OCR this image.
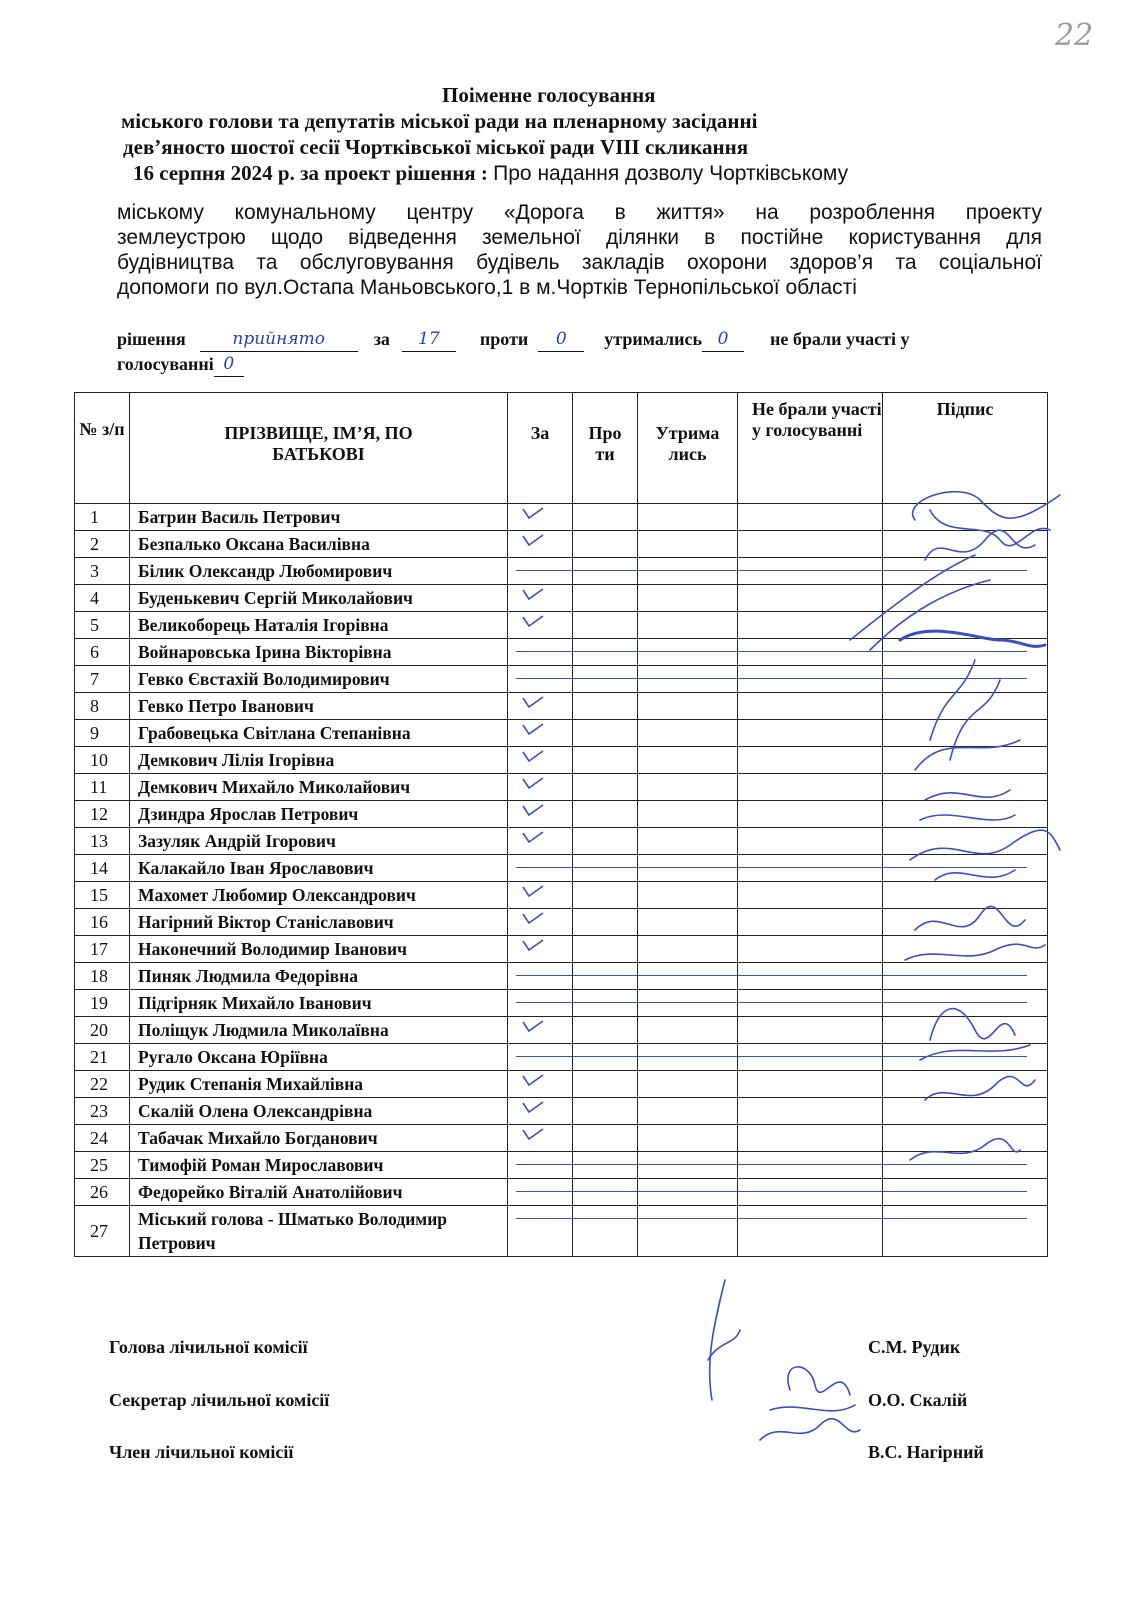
22
Поіменне голосування
міського голови та депутатів міської ради на пленарному засіданні
дев’яносто шостої сесії Чортківської міської ради VIII скликання
16 серпня 2024 р. за проект рішення : Про надання дозволу Чортківському
міському комунальному центру «Дорога в життя» на розроблення проекту
землеустрою щодо відведення земельної ділянки в постійне користування для
будівництва та обслуговування будівель закладів охорони здоров’я та соціальної
допомоги по вул.Остапа Маньовського,1 в м.Чортків Тернопільської області
рішення	прийнято	за	17	проти	0	утримались 0	не брали участі у
голосуванні 0
№ з/п	ПРІЗВИЩЕ, ІМ’Я, ПО БАТЬКОВІ	За	Про ти	Утрима лись	Не брали участі у голосуванні	Підпис

1	Батрин Василь Петрович	

2	Безпалько Оксана Василівна	

3	Білик Олександр Любомирович	

4	Буденькевич Сергій Миколайович	

5	Великоборець Наталія Ігорівна	

6	Войнаровська Ірина Вікторівна	

7	Гевко Євстахій Володимирович	

8	Гевко Петро Іванович	

9	Грабовецька Світлана Степанівна	

10	Демкович Лілія Ігорівна	

11	Демкович Михайло Миколайович	

12	Дзиндра Ярослав Петрович	

13	Зазуляк Андрій Ігорович	

14	Калакайло Іван Ярославович	

15	Махомет Любомир Олександрович	

16	Нагірний Віктор Станіславович	

17	Наконечний Володимир Іванович	

18	Пиняк Людмила Федорівна	

19	Підгірняк Михайло Іванович	

20	Поліщук Людмила Миколаївна	

21	Ругало Оксана Юріївна	

22	Рудик Степанія Михайлівна	

23	Скалій Олена Олександрівна	

24	Табачак Михайло Богданович	

25	Тимофій Роман Мирославович	

26	Федорейко Віталій Анатолійович	

27	Міський голова - Шматько Володимир Петрович	

Голова лічильної комісії	С.М. Рудик
Секретар лічильної комісії	О.О. Скалій
Член лічильної комісії	В.С. Нагірний
